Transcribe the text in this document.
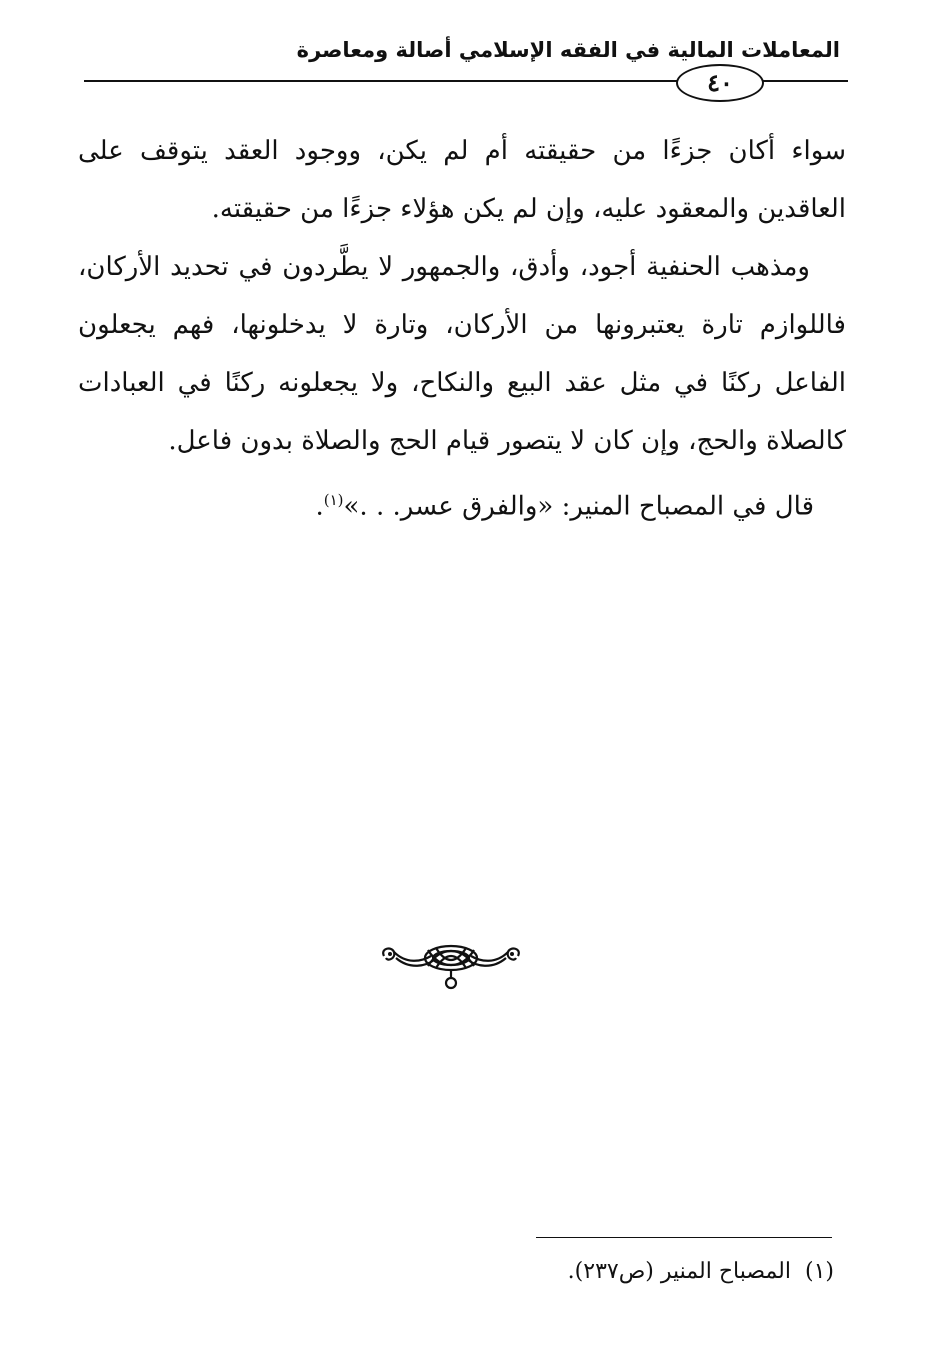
المعاملات المالية في الفقه الإسلامي أصالة ومعاصرة
٤٠

سواء أكان جزءًا من حقيقته أم لم يكن، ووجود العقد يتوقف على العاقدين والمعقود عليه، وإن لم يكن هؤلاء جزءًا من حقيقته.

ومذهب الحنفية أجود، وأدق، والجمهور لا يطَّردون في تحديد الأركان، فاللوازم تارة يعتبرونها من الأركان، وتارة لا يدخلونها، فهم يجعلون الفاعل ركنًا في مثل عقد البيع والنكاح، ولا يجعلونه ركنًا في العبادات كالصلاة والحج، وإن كان لا يتصور قيام الحج والصلاة بدون فاعل.

قال في المصباح المنير: «والفرق عسر. . .»$^{(١)}$.
(١)المصباح المنير (ص٢٣٧).
